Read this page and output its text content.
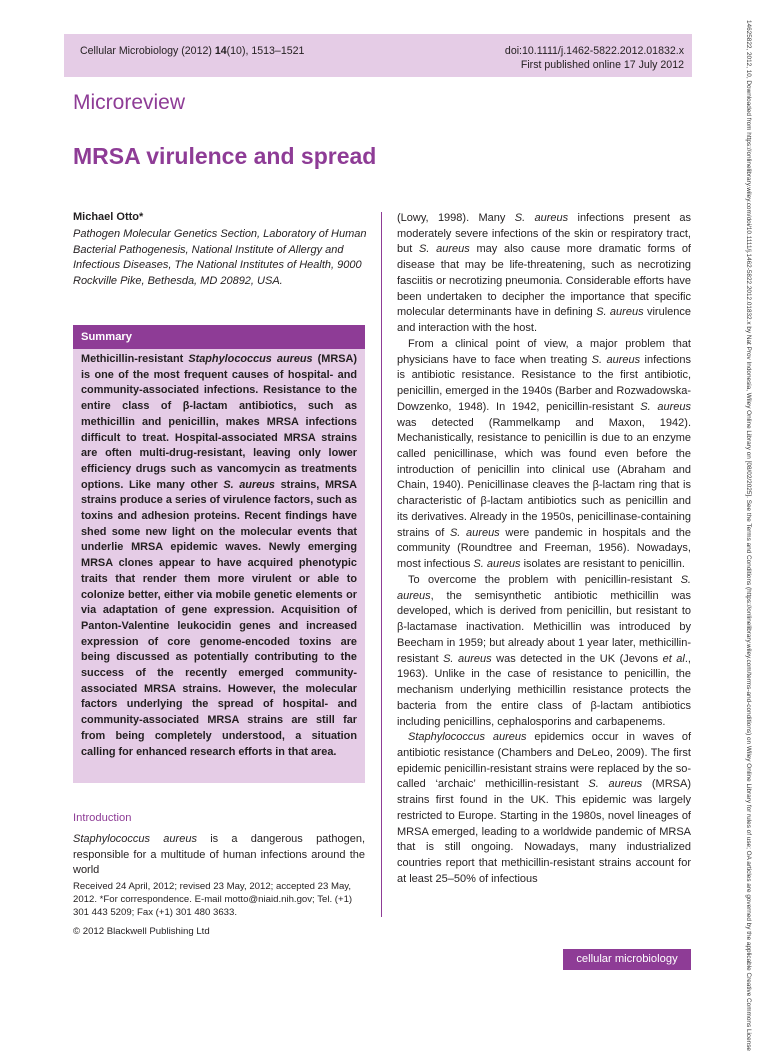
Cellular Microbiology (2012) 14(10), 1513–1521	doi:10.1111/j.1462-5822.2012.01832.x
First published online 17 July 2012
Microreview
MRSA virulence and spread
Michael Otto*
Pathogen Molecular Genetics Section, Laboratory of Human Bacterial Pathogenesis, National Institute of Allergy and Infectious Diseases, The National Institutes of Health, 9000 Rockville Pike, Bethesda, MD 20892, USA.
Summary
Methicillin-resistant Staphylococcus aureus (MRSA) is one of the most frequent causes of hospital- and community-associated infections. Resistance to the entire class of β-lactam antibiotics, such as methicillin and penicillin, makes MRSA infections difficult to treat. Hospital-associated MRSA strains are often multi-drug-resistant, leaving only lower efficiency drugs such as vancomycin as treatments options. Like many other S. aureus strains, MRSA strains produce a series of virulence factors, such as toxins and adhesion proteins. Recent findings have shed some new light on the molecular events that underlie MRSA epidemic waves. Newly emerging MRSA clones appear to have acquired phenotypic traits that render them more virulent or able to colonize better, either via mobile genetic elements or via adaptation of gene expression. Acquisition of Panton-Valentine leukocidin genes and increased expression of core genome-encoded toxins are being discussed as potentially contributing to the success of the recently emerged community-associated MRSA strains. However, the molecular factors underlying the spread of hospital- and community-associated MRSA strains are still far from being completely understood, a situation calling for enhanced research efforts in that area.
Introduction
Staphylococcus aureus is a dangerous pathogen, responsible for a multitude of human infections around the world
Received 24 April, 2012; revised 23 May, 2012; accepted 23 May, 2012. *For correspondence. E-mail motto@niaid.nih.gov; Tel. (+1) 301 443 5209; Fax (+1) 301 480 3633.
© 2012 Blackwell Publishing Ltd

(Lowy, 1998). Many S. aureus infections present as moderately severe infections of the skin or respiratory tract, but S. aureus may also cause more dramatic forms of disease that may be life-threatening, such as necrotizing fasciitis or necrotizing pneumonia. Considerable efforts have been undertaken to decipher the importance that specific molecular determinants have in defining S. aureus virulence and interaction with the host.

From a clinical point of view, a major problem that physicians have to face when treating S. aureus infections is antibiotic resistance. Resistance to the first antibiotic, penicillin, emerged in the 1940s (Barber and Rozwadowska-Dowzenko, 1948). In 1942, penicillin-resistant S. aureus was detected (Rammelkamp and Maxon, 1942). Mechanistically, resistance to penicillin is due to an enzyme called penicillinase, which was found even before the introduction of penicillin into clinical use (Abraham and Chain, 1940). Penicillinase cleaves the β-lactam ring that is characteristic of β-lactam antibiotics such as penicillin and its derivatives. Already in the 1950s, penicillinase-containing strains of S. aureus were pandemic in hospitals and the community (Roundtree and Freeman, 1956). Nowadays, most infectious S. aureus isolates are resistant to penicillin.

To overcome the problem with penicillin-resistant S. aureus, the semisynthetic antibiotic methicillin was developed, which is derived from penicillin, but resistant to β-lactamase inactivation. Methicillin was introduced by Beecham in 1959; but already about 1 year later, methicillin-resistant S. aureus was detected in the UK (Jevons et al., 1963). Unlike in the case of resistance to penicillin, the mechanism underlying methicillin resistance protects the bacteria from the entire class of β-lactam antibiotics including penicillins, cephalosporins and carbapenems.

Staphylococcus aureus epidemics occur in waves of antibiotic resistance (Chambers and DeLeo, 2009). The first epidemic penicillin-resistant strains were replaced by the so-called ‘archaic’ methicillin-resistant S. aureus (MRSA) strains first found in the UK. This epidemic was largely restricted to Europe. Starting in the 1980s, novel lineages of MRSA emerged, leading to a worldwide pandemic of MRSA that is still ongoing. Nowadays, many industrialized countries report that methicillin-resistant strains account for at least 25–50% of infectious

cellular microbiology	14625822, 2012, 10, Downloaded from https://onlinelibrary.wiley.com/doi/10.1111/j.1462-5822.2012.01832.x by Nat Prov Indonesia, Wiley Online Library on [08/02/2025]. See the Terms and Conditions (https://onlinelibrary.wiley.com/terms-and-conditions) on Wiley Online Library for rules of use; OA articles are governed by the applicable Creative Commons License
